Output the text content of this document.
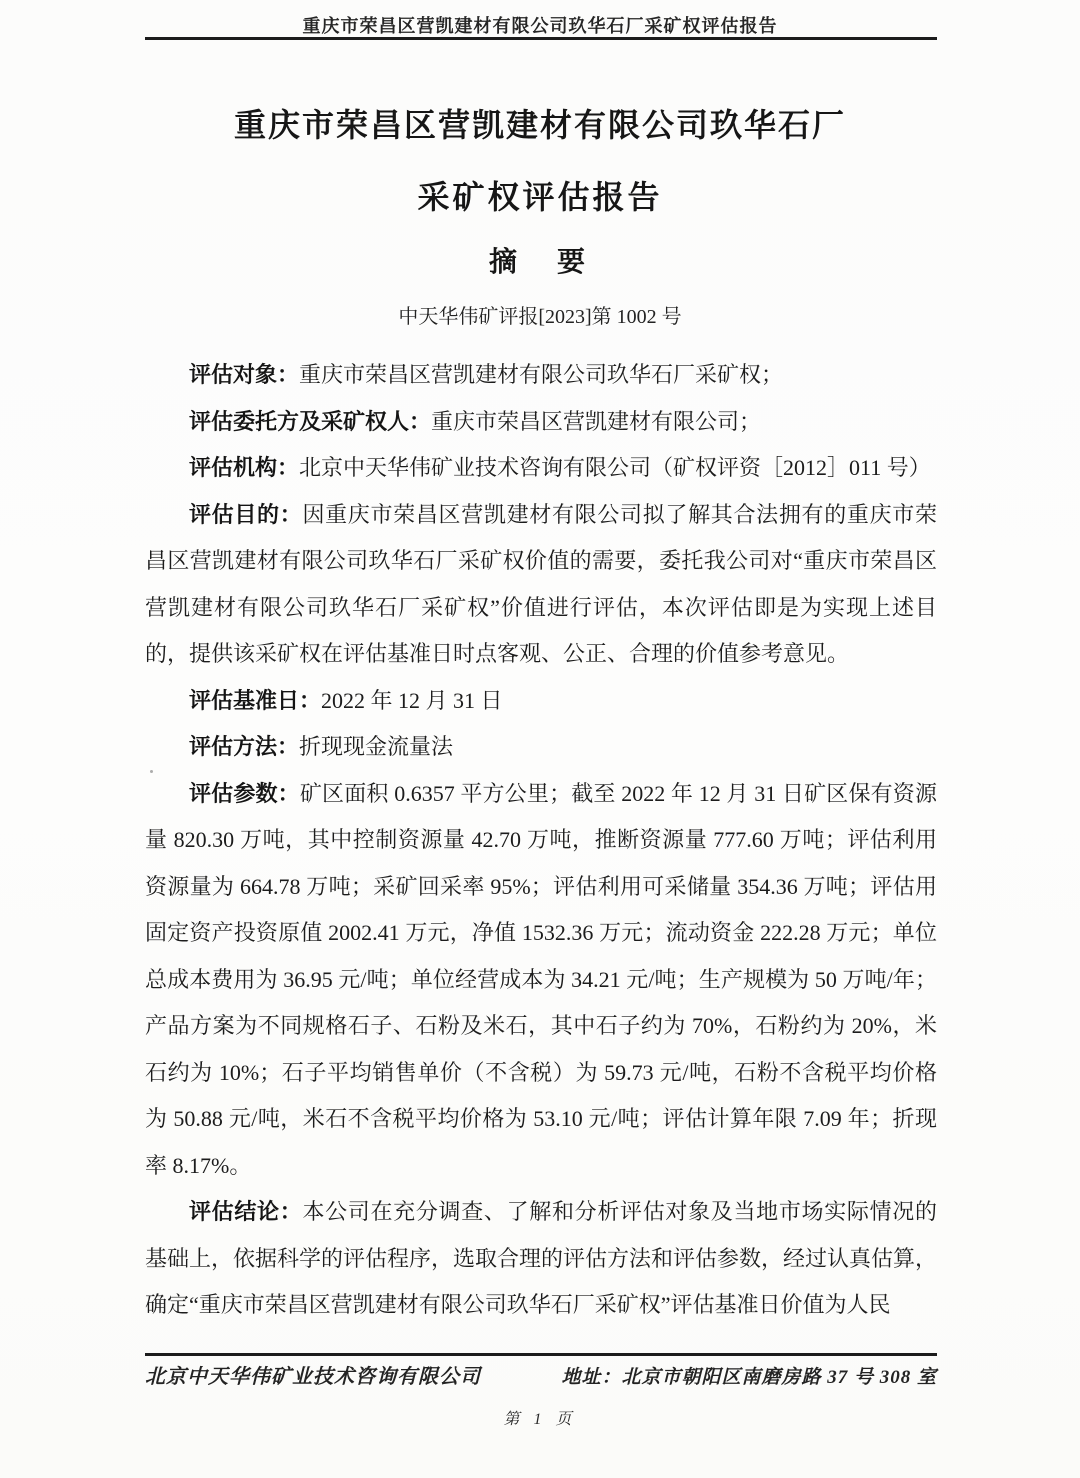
重庆市荣昌区营凯建材有限公司玖华石厂采矿权评估报告
重庆市荣昌区营凯建材有限公司玖华石厂
采矿权评估报告
摘　要
中天华伟矿评报[2023]第 1002 号

评估对象：重庆市荣昌区营凯建材有限公司玖华石厂采矿权；

评估委托方及采矿权人：重庆市荣昌区营凯建材有限公司；

评估机构：北京中天华伟矿业技术咨询有限公司（矿权评资［2012］011 号）

评估目的：因重庆市荣昌区营凯建材有限公司拟了解其合法拥有的重庆市荣昌区营凯建材有限公司玖华石厂采矿权价值的需要，委托我公司对“重庆市荣昌区营凯建材有限公司玖华石厂采矿权”价值进行评估，本次评估即是为实现上述目的，提供该采矿权在评估基准日时点客观、公正、合理的价值参考意见。

评估基准日：2022 年 12 月 31 日

评估方法：折现现金流量法

评估参数：矿区面积 0.6357 平方公里；截至 2022 年 12 月 31 日矿区保有资源量 820.30 万吨，其中控制资源量 42.70 万吨，推断资源量 777.60 万吨；评估利用资源量为 664.78 万吨；采矿回采率 95%；评估利用可采储量 354.36 万吨；评估用固定资产投资原值 2002.41 万元，净值 1532.36 万元；流动资金 222.28 万元；单位总成本费用为 36.95 元/吨；单位经营成本为 34.21 元/吨；生产规模为 50 万吨/年；产品方案为不同规格石子、石粉及米石，其中石子约为 70%，石粉约为 20%，米石约为 10%；石子平均销售单价（不含税）为 59.73 元/吨，石粉不含税平均价格为 50.88 元/吨，米石不含税平均价格为 53.10 元/吨；评估计算年限 7.09 年；折现率 8.17%。

评估结论：本公司在充分调查、了解和分析评估对象及当地市场实际情况的基础上，依据科学的评估程序，选取合理的评估方法和评估参数，经过认真估算，确定“重庆市荣昌区营凯建材有限公司玖华石厂采矿权”评估基准日价值为人民

北京中天华伟矿业技术咨询有限公司	地址：北京市朝阳区南磨房路 37 号 308 室
第 1 页
